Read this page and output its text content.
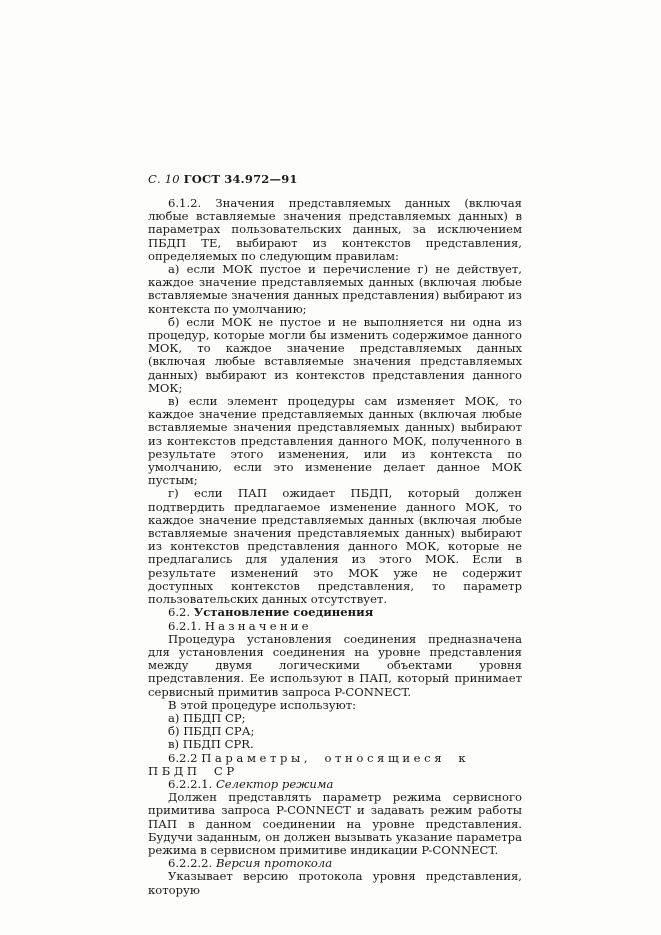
С. 10 ГОСТ 34.972—91

6.1.2. Значения представляемых данных (включая любые вставляемые значения представляемых данных) в параметрах пользовательских данных, за исключением ПБДП ТЕ, выбирают из контекстов представления, определяемых по следующим правилам:

а) если МОК пустое и перечисление г) не действует, каждое значение представляемых данных (включая любые вставляемые значения данных представления) выбирают из контекста по умолчанию;

б) если МОК не пустое и не выполняется ни одна из процедур, которые могли бы изменить содержимое данного МОК, то каждое значение представляемых данных (включая любые вставляемые значения представляемых данных) выбирают из контекстов представления данного МОК;

в) если элемент процедуры сам изменяет МОК, то каждое значение представляемых данных (включая любые вставляемые значения представляемых данных) выбирают из контекстов представления данного МОК, полученного в результате этого изменения, или из контекста по умолчанию, если это изменение делает данное МОК пустым;

г) если ПАП ожидает ПБДП, который должен подтвердить предлагаемое изменение данного МОК, то каждое значение представляемых данных (включая любые вставляемые значения представляемых данных) выбирают из контекстов представления данного МОК, которые не предлагались для удаления из этого МОК. Если в результате изменений это МОК уже не содержит доступных контекстов представления, то параметр пользовательских данных отсутствует.

6.2. Установление соединения

6.2.1. Назначение

Процедура установления соединения предназначена для установления соединения на уровне представления между двумя логическими объектами уровня представления. Ее используют в ПАП, который принимает сервисный примитив запроса P-CONNECT.

В этой процедуре используют:

а) ПБДП СР;

б) ПБДП СРА;

в) ПБДП CPR.

6.2.2 Параметры, относящиеся к ПБДП СР

6.2.2.1. Селектор режима

Должен представлять параметр режима сервисного примитива запроса P-CONNECT и задавать режим работы ПАП в данном соединении на уровне представления. Будучи заданным, он должен вызывать указание параметра режима в сервисном примитиве индикации P-CONNECT.

6.2.2.2. Версия протокола

Указывает версию протокола уровня представления, которую
